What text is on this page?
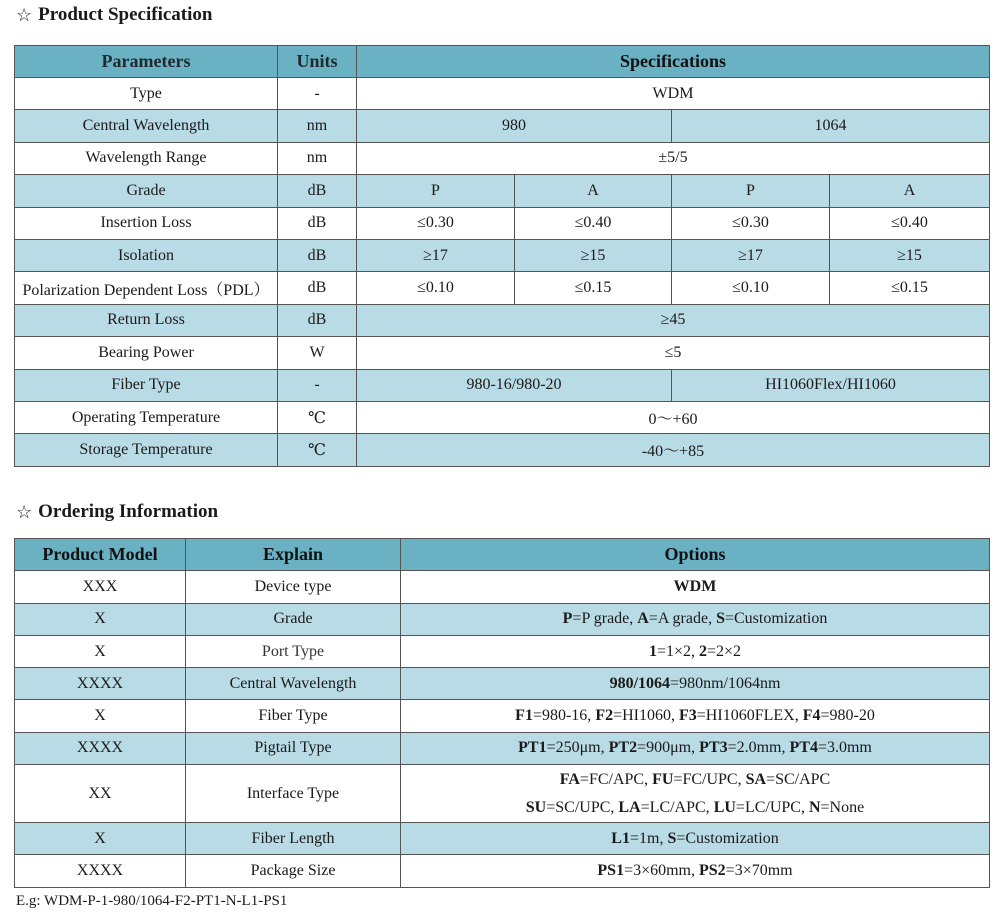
☆ Product Specification
Parameters	Units	Specifications			
Type	-	WDM			
Central Wavelength	nm	980		1064	
Wavelength Range	nm	±5/5			
Grade	dB	P	A	P	A
Insertion Loss	dB	≤0.30	≤0.40	≤0.30	≤0.40
Isolation	dB	≥17	≥15	≥17	≥15
Polarization Dependent Loss（PDL）	dB	≤0.10	≤0.15	≤0.10	≤0.15
Return Loss	dB	≥45			
Bearing Power	W	≤5			
Fiber Type	-	980-16/980-20		HI1060Flex/HI1060	
Operating Temperature	℃	0～+60			
Storage Temperature	℃	-40～+85			
☆ Ordering Information
Product Model	Explain	Options
XXX	Device type	WDM
X	Grade	P=P grade, A=A grade, S=Customization
X	Port Type	1=1×2, 2=2×2
XXXX	Central Wavelength	980/1064=980nm/1064nm
X	Fiber Type	F1=980-16, F2=HI1060, F3=HI1060FLEX, F4=980-20
XXXX	Pigtail Type	PT1=250μm, PT2=900μm, PT3=2.0mm, PT4=3.0mm
XX	Interface Type	FA=FC/APC, FU=FC/UPC, SA=SC/APC
SU=SC/UPC, LA=LC/APC, LU=LC/UPC, N=None

X	Fiber Length	L1=1m, S=Customization
XXXX	Package Size	PS1=3×60mm, PS2=3×70mm
E.g: WDM-P-1-980/1064-F2-PT1-N-L1-PS1
